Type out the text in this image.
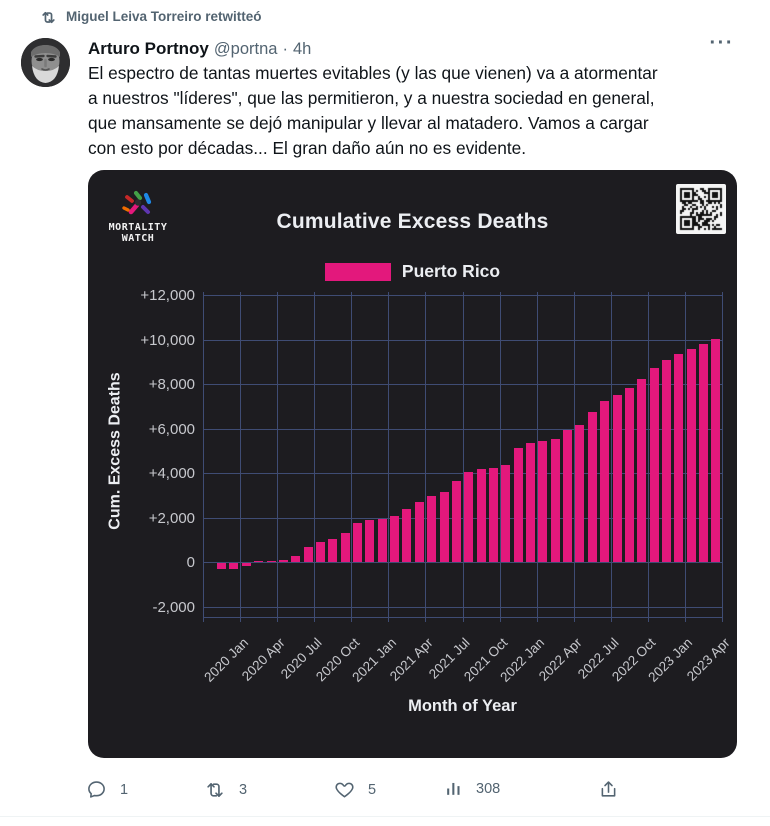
Miguel Leiva Torreiro retwitteó
Arturo Portnoy @portna · 4h	···
El espectro de tantas muertes evitables (y las que vienen) va a atormentar
a nuestros "líderes", que las permitieron, y a nuestra sociedad en general,
que mansamente se dejó manipular y llevar al matadero. Vamos a cargar
con esto por décadas... El gran daño aún no es evidente.
MORTALITY
WATCH
Cumulative Excess Deaths
Puerto Rico
+12,000
+10,000
+8,000
+6,000
+4,000
+2,000
0
-2,000
2020 Jan
2020 Apr
2020 Jul
2020 Oct
2021 Jan
2021 Apr
2021 Jul
2021 Oct
2022 Jan
2022 Apr
2022 Jul
2022 Oct
2023 Jan
2023 Apr
Cum. Excess Deaths
Month of Year
1	3	5	308
